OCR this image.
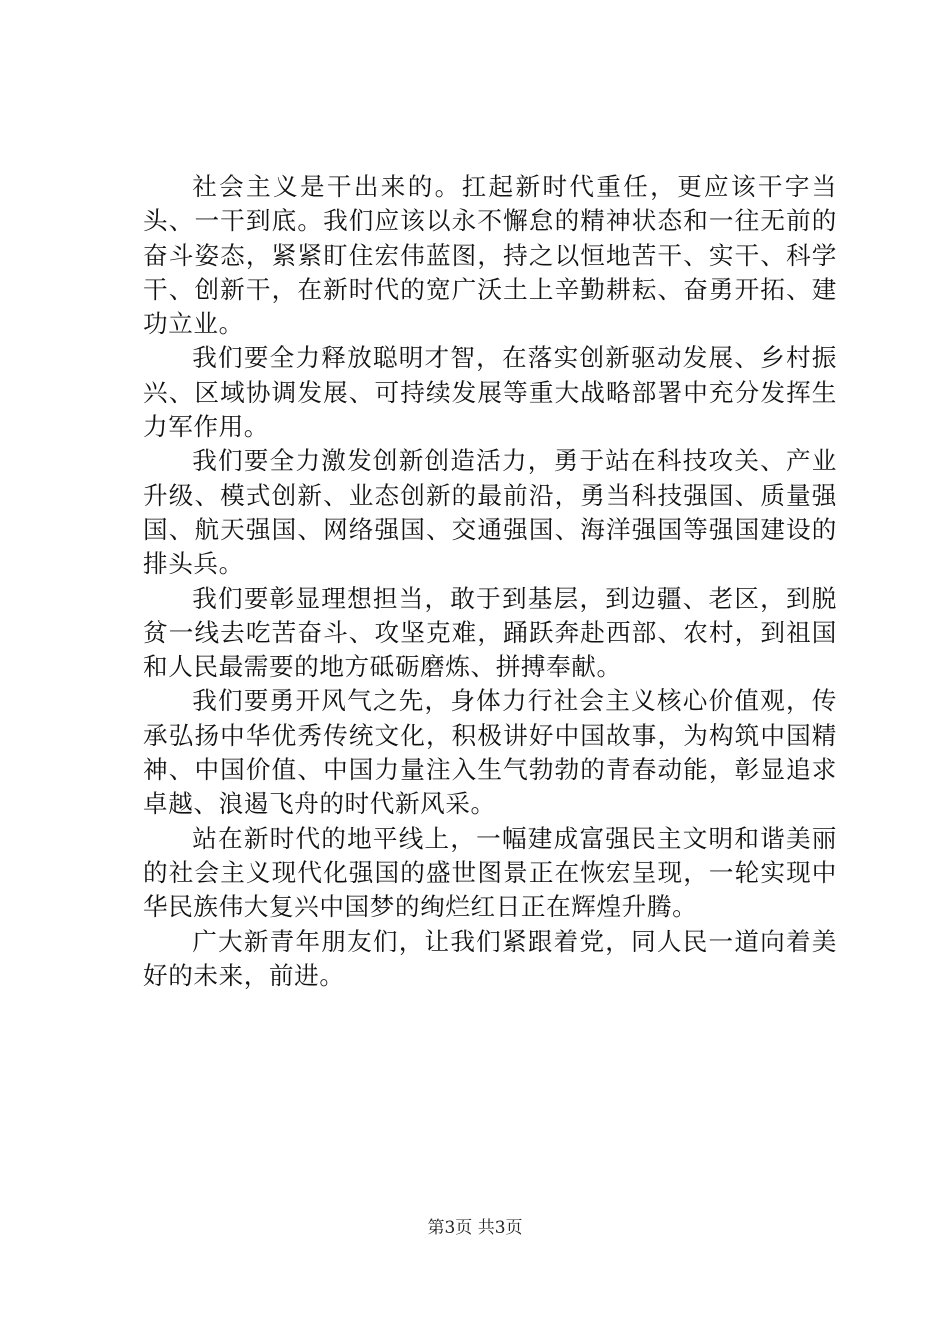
社会主义是干出来的。扛起新时代重任，更应该干字当头、一干到底。我们应该以永不懈怠的精神状态和一往无前的奋斗姿态，紧紧盯住宏伟蓝图，持之以恒地苦干、实干、科学干、创新干，在新时代的宽广沃土上辛勤耕耘、奋勇开拓、建功立业。

我们要全力释放聪明才智，在落实创新驱动发展、乡村振兴、区域协调发展、可持续发展等重大战略部署中充分发挥生力军作用。

我们要全力激发创新创造活力，勇于站在科技攻关、产业升级、模式创新、业态创新的最前沿，勇当科技强国、质量强国、航天强国、网络强国、交通强国、海洋强国等强国建设的排头兵。

我们要彰显理想担当，敢于到基层，到边疆、老区，到脱贫一线去吃苦奋斗、攻坚克难，踊跃奔赴西部、农村，到祖国和人民最需要的地方砥砺磨炼、拼搏奉献。

我们要勇开风气之先，身体力行社会主义核心价值观，传承弘扬中华优秀传统文化，积极讲好中国故事，为构筑中国精神、中国价值、中国力量注入生气勃勃的青春动能，彰显追求卓越、浪遏飞舟的时代新风采。

站在新时代的地平线上，一幅建成富强民主文明和谐美丽的社会主义现代化强国的盛世图景正在恢宏呈现，一轮实现中华民族伟大复兴中国梦的绚烂红日正在辉煌升腾。

广大新青年朋友们，让我们紧跟着党，同人民一道向着美好的未来，前进。

第3页 共3页
